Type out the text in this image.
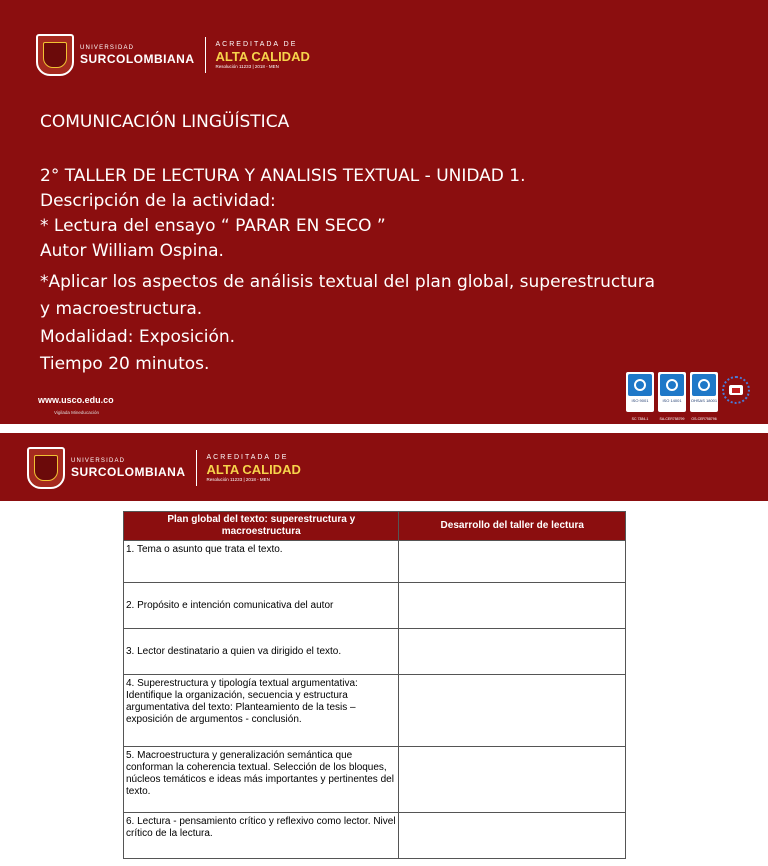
UNIVERSIDAD
SURCOLOMBIANA
ACREDITADA DE
ALTA CALIDAD
Resolución 11233 | 2018 - MEN
COMUNICACIÓN LINGÜÍSTICA
2° TALLER DE LECTURA Y ANALISIS TEXTUAL - UNIDAD 1.
Descripción de la actividad:
* Lectura del ensayo “ PARAR EN SECO ”
Autor William Ospina.
*Aplicar los aspectos de análisis textual del plan global, superestructura
y macroestructura.
Modalidad: Exposición.
Tiempo 20 minutos.
www.usco.edu.co
Vigilada Mineducación
ISO 9001	ISO 14001	OHSAS 18001
SC 7384-1	SA-CER758799	OS-CER758796
UNIVERSIDAD
SURCOLOMBIANA
ACREDITADA DE
ALTA CALIDAD
Resolución 11233 | 2018 - MEN
Plan global del texto: superestructura y macroestructura	Desarrollo del taller de lectura
1. Tema o asunto que trata el texto.	
2. Propósito e intención comunicativa del autor	
3. Lector destinatario a quien va dirigido el texto.	
4. Superestructura y tipología textual argumentativa: Identifique la organización, secuencia y estructura argumentativa del texto: Planteamiento de la tesis – exposición de argumentos - conclusión.	
5. Macroestructura y generalización semántica que conforman la coherencia textual. Selección de los bloques, núcleos temáticos e ideas más importantes y pertinentes del texto.	
6. Lectura - pensamiento crítico y reflexivo como lector. Nivel crítico de la lectura.	
